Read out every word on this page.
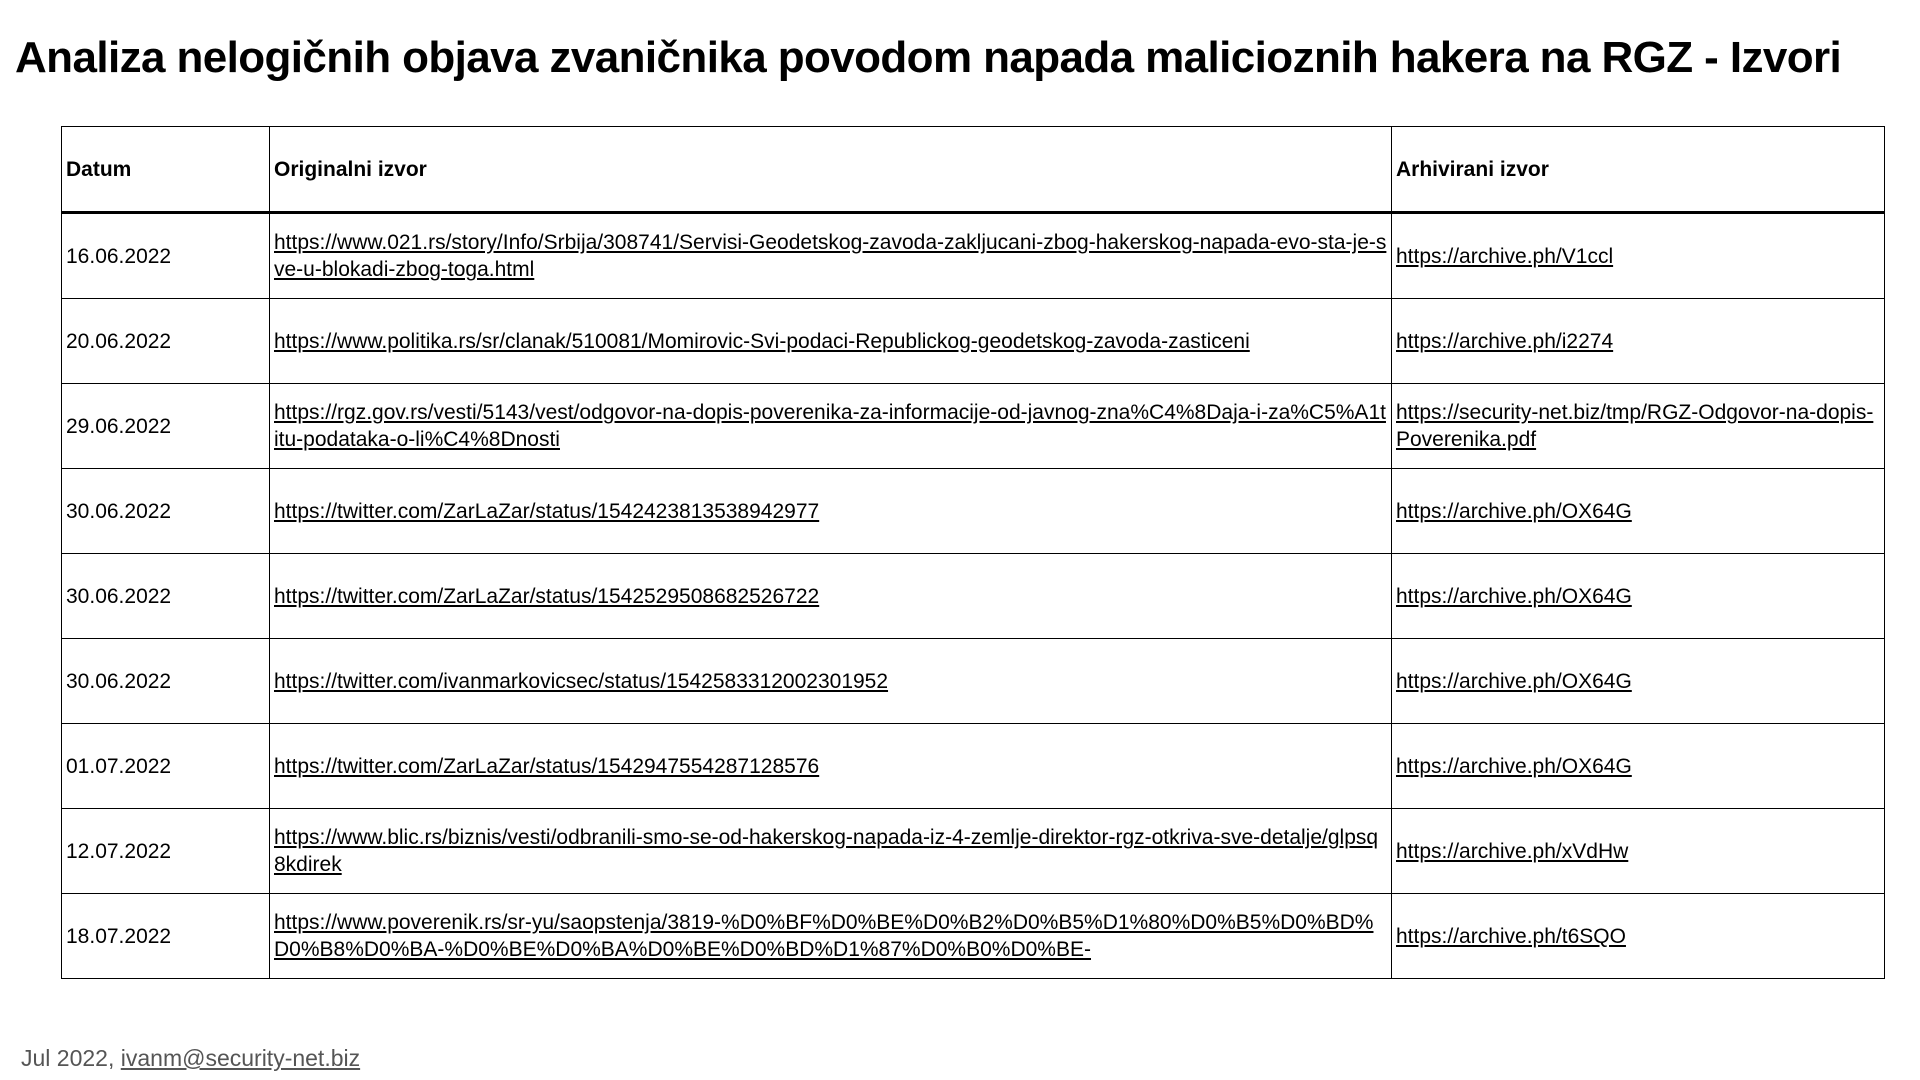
Analiza nelogičnih objava zvaničnika povodom napada malicioznih hakera na RGZ - Izvori
Datum	Originalni izvor	Arhivirani izvor
16.06.2022	https://www.021.rs/story/Info/Srbija/308741/Servisi-Geodetskog-zavoda-zakljucani-zbog-hakerskog-napada-evo-sta-je-sve-u-blokadi-zbog-toga.html	https://archive.ph/V1ccl

20.06.2022	https://www.politika.rs/sr/clanak/510081/Momirovic-Svi-podaci-Republickog-geodetskog-zavoda-zasticeni	https://archive.ph/i2274

29.06.2022	https://rgz.gov.rs/vesti/5143/vest/odgovor-na-dopis-poverenika-za-informacije-od-javnog-zna%C4%8Daja-i-za%C5%A1titu-podataka-o-li%C4%8Dnosti	https://security-net.biz/tmp/RGZ-Odgovor-na-dopis-Poverenika.pdf

30.06.2022	https://twitter.com/ZarLaZar/status/1542423813538942977	https://archive.ph/OX64G

30.06.2022	https://twitter.com/ZarLaZar/status/1542529508682526722	https://archive.ph/OX64G

30.06.2022	https://twitter.com/ivanmarkovicsec/status/1542583312002301952	https://archive.ph/OX64G

01.07.2022	https://twitter.com/ZarLaZar/status/1542947554287128576	https://archive.ph/OX64G

12.07.2022	https://www.blic.rs/biznis/vesti/odbranili-smo-se-od-hakerskog-napada-iz-4-zemlje-direktor-rgz-otkriva-sve-detalje/glpsq8kdirek	https://archive.ph/xVdHw

18.07.2022	https://www.poverenik.rs/sr-yu/saopstenja/3819-%D0%BF%D0%BE%D0%B2%D0%B5%D1%80%D0%B5%D0%BD%D0%B8%D0%BA-%D0%BE%D0%BA%D0%BE%D0%BD%D1%87%D0%B0%D0%BE-	https://archive.ph/t6SQO
Jul 2022, ivanm@security-net.biz
